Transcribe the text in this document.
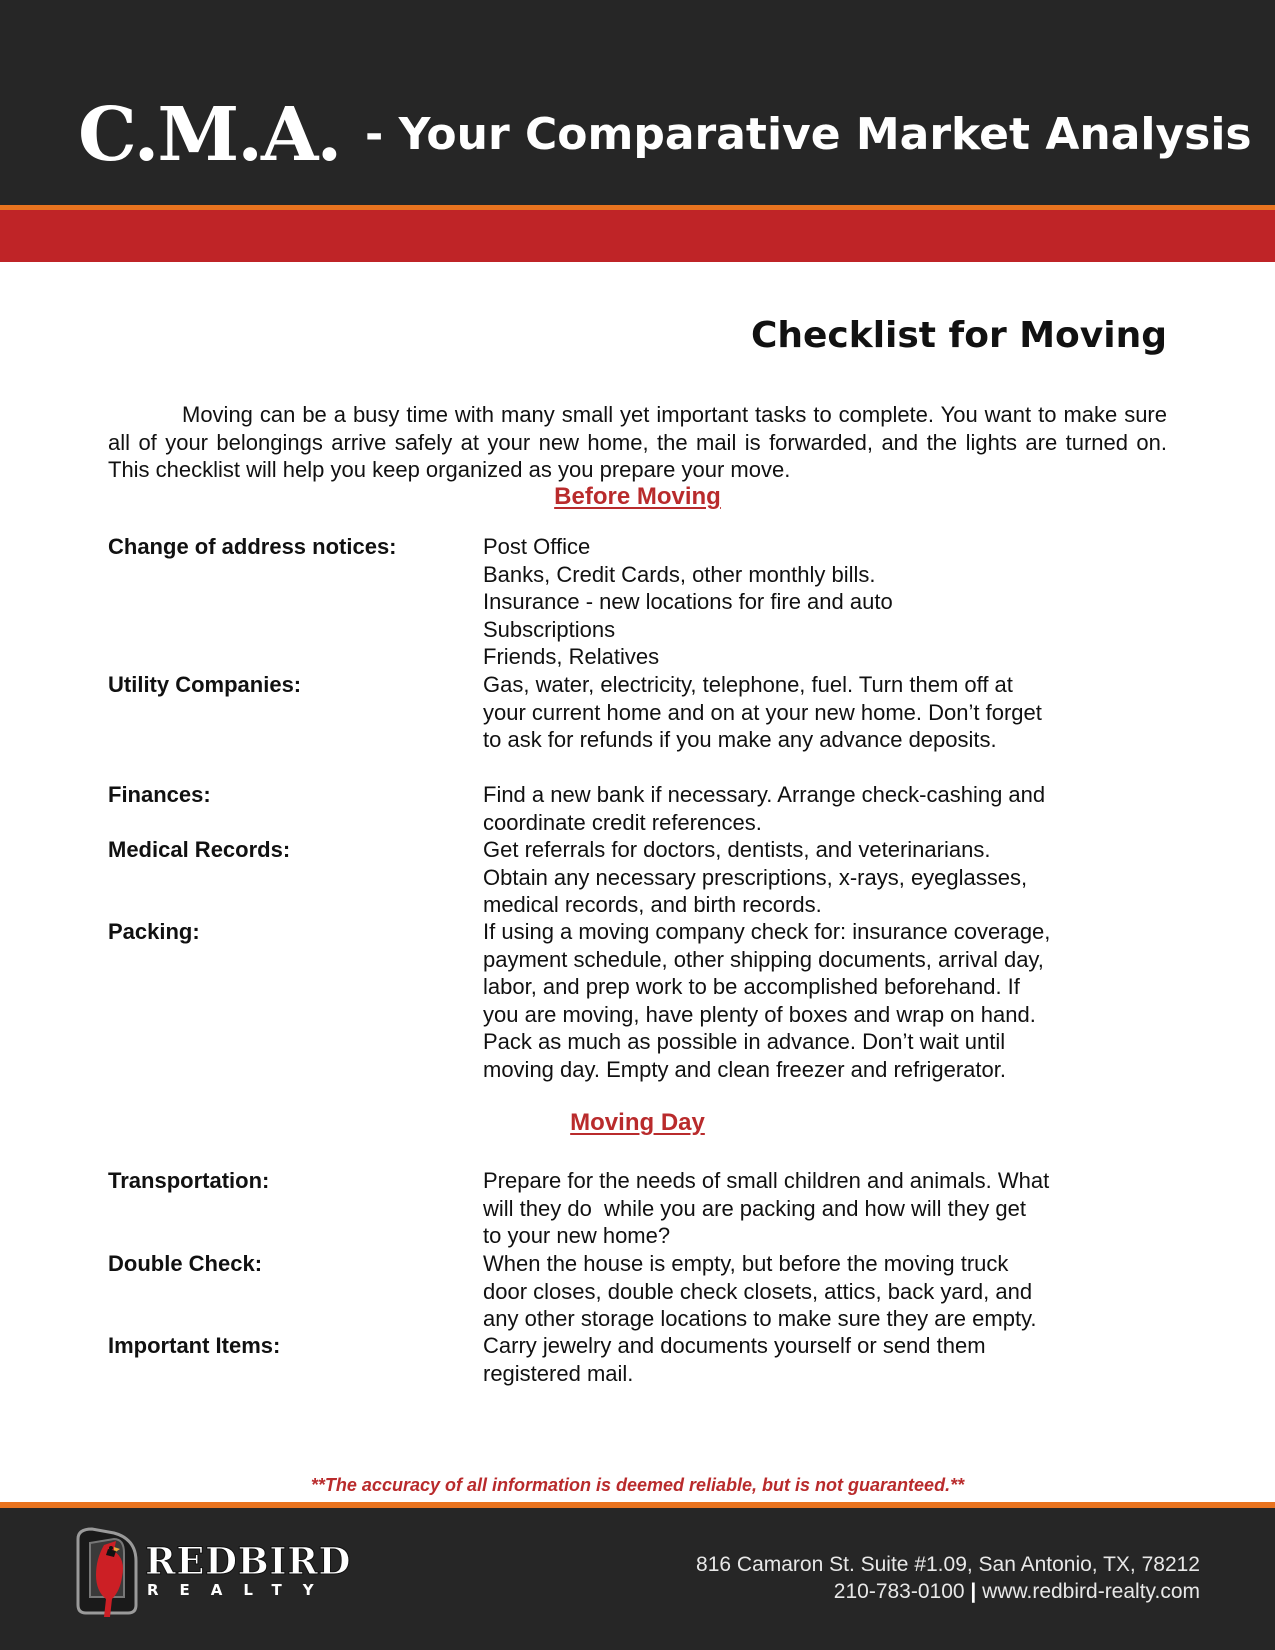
C.M.A. - Your Comparative Market Analysis
Checklist for Moving

Moving can be a busy time with many small yet important tasks to complete. You want to make sure all of your belongings arrive safely at your new home, the mail is forwarded, and the lights are turned on. This checklist will help you keep organized as you prepare your move.

Before Moving
Change of address notices:	Post Office
Banks, Credit Cards, other monthly bills.
Insurance - new locations for fire and auto
Subscriptions
Friends, Relatives
Utility Companies:	Gas, water, electricity, telephone, fuel. Turn them off at
your current home and on at your new home. Don’t forget
to ask for refunds if you make any advance deposits.
Finances:	Find a new bank if necessary. Arrange check-cashing and
coordinate credit references.
Medical Records:	Get referrals for doctors, dentists, and veterinarians.
Obtain any necessary prescriptions, x-rays, eyeglasses,
medical records, and birth records.
Packing:	If using a moving company check for: insurance coverage,
payment schedule, other shipping documents, arrival day,
labor, and prep work to be accomplished beforehand. If
you are moving, have plenty of boxes and wrap on hand.
Pack as much as possible in advance. Don’t wait until
moving day. Empty and clean freezer and refrigerator.
Moving Day
Transportation:	Prepare for the needs of small children and animals. What
will they do  while you are packing and how will they get
to your new home?
Double Check:	When the house is empty, but before the moving truck
door closes, double check closets, attics, back yard, and
any other storage locations to make sure they are empty.
Important Items:	Carry jewelry and documents yourself or send them
registered mail.
**The accuracy of all information is deemed reliable, but is not guaranteed.**
REDBIRD
REALTY
816 Camaron St. Suite #1.09, San Antonio, TX, 78212
210-783-0100 | www.redbird-realty.com
